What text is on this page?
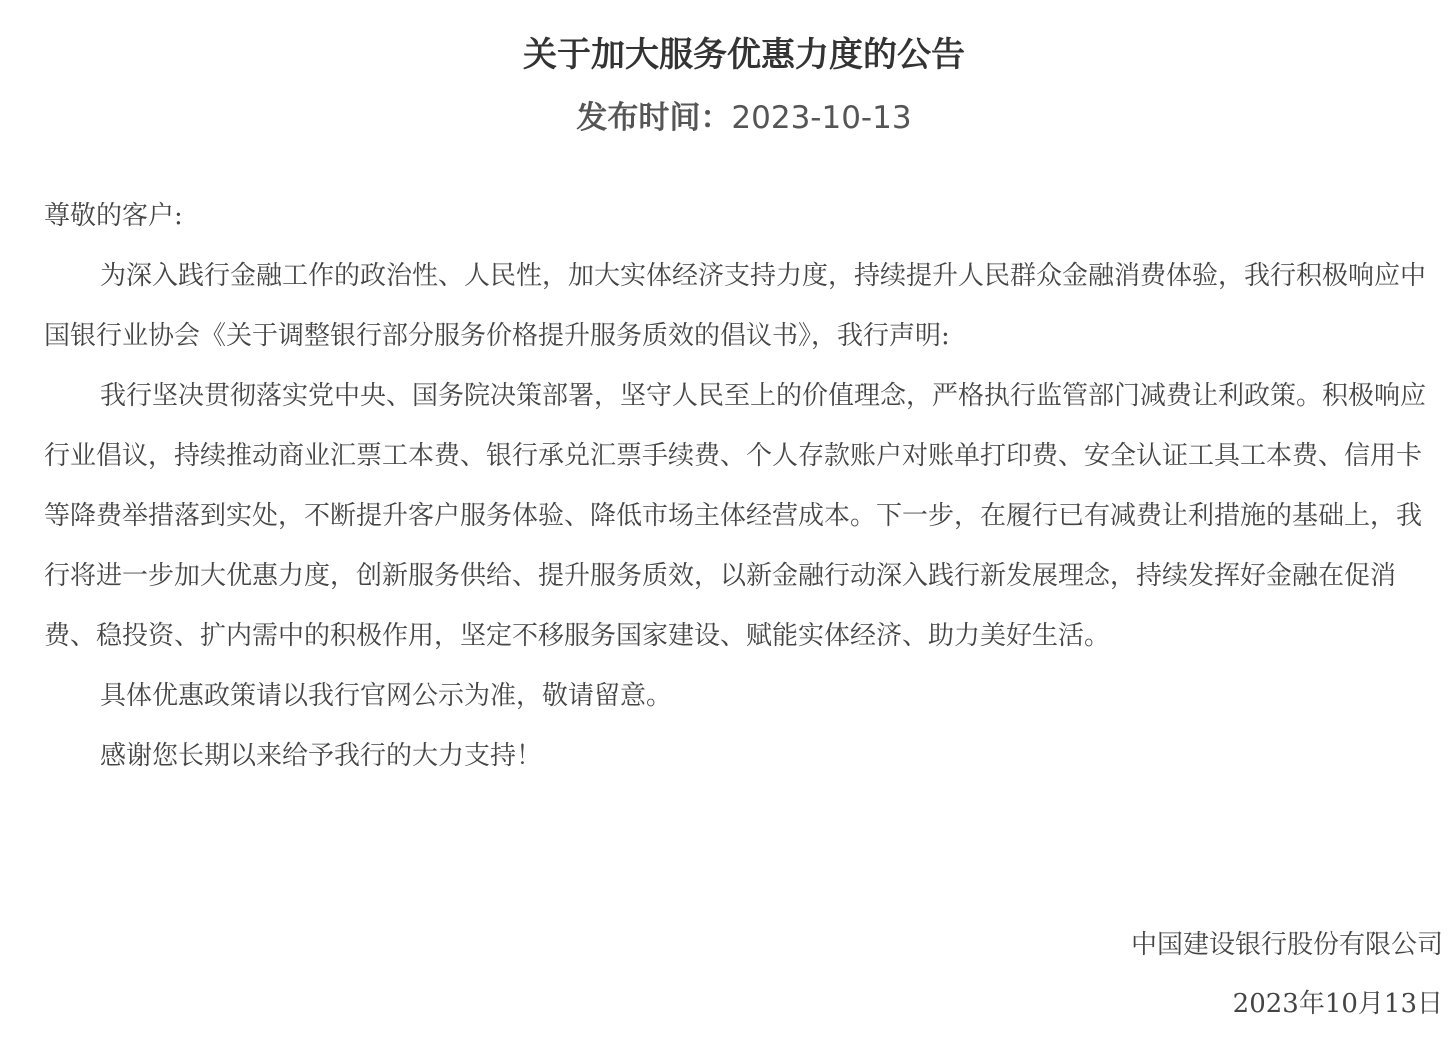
关于加大服务优惠力度的公告
发布时间：2023-10-13

尊敬的客户:

为深入践行金融工作的政治性、人民性，加大实体经济支持力度，持续提升人民群众金融消费体验，我行积极响应中国银行业协会《关于调整银行部分服务价格提升服务质效的倡议书》，我行声明:

我行坚决贯彻落实党中央、国务院决策部署，坚守人民至上的价值理念，严格执行监管部门减费让利政策。积极响应行业倡议，持续推动商业汇票工本费、银行承兑汇票手续费、个人存款账户对账单打印费、安全认证工具工本费、信用卡等降费举措落到实处，不断提升客户服务体验、降低市场主体经营成本。下一步，在履行已有减费让利措施的基础上，我行将进一步加大优惠力度，创新服务供给、提升服务质效，以新金融行动深入践行新发展理念，持续发挥好金融在促消费、稳投资、扩内需中的积极作用，坚定不移服务国家建设、赋能实体经济、助力美好生活。

具体优惠政策请以我行官网公示为准，敬请留意。

感谢您长期以来给予我行的大力支持！

中国建设银行股份有限公司
2023年10月13日
